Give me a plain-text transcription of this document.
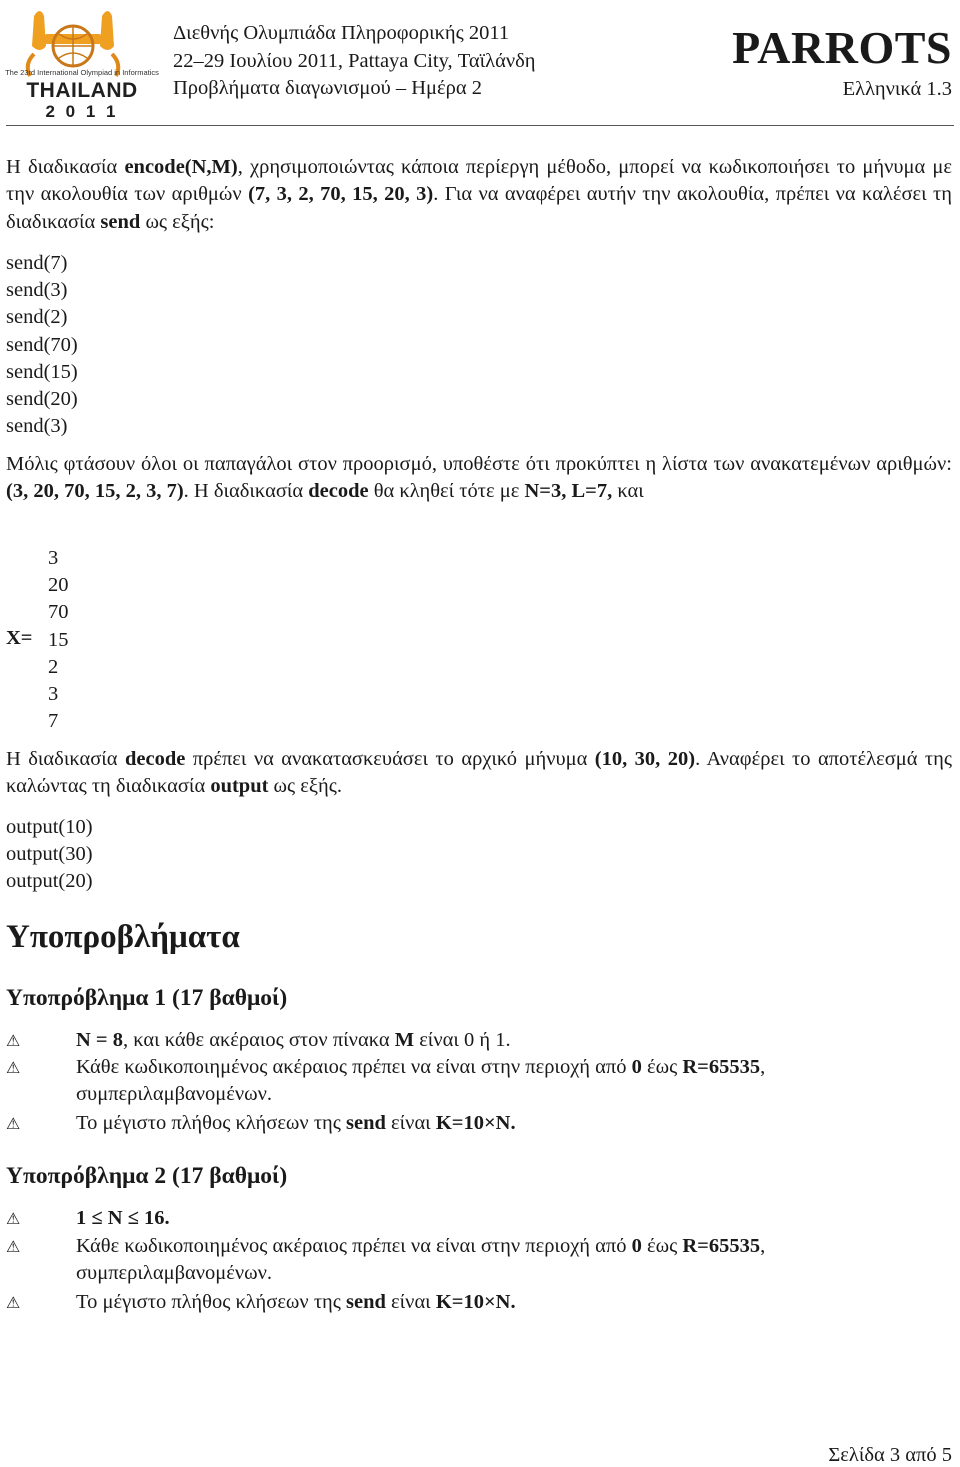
The 23rd International Olympiad in Informatics
THAILAND
2 0 1 1
Διεθνής Ολυμπιάδα Πληροφορικής 2011
22–29 Ιουλίου 2011, Pattaya City, Ταϊλάνδη
Προβλήματα διαγωνισμού – Ημέρα 2
PARROTS
Ελληνικά 1.3
Η διαδικασία encode(N,M), χρησιμοποιώντας κάποια περίεργη μέθοδο, μπορεί να κωδικοποιήσει το μήνυμα με την ακολουθία των αριθμών (7, 3, 2, 70, 15, 20, 3). Για να αναφέρει αυτήν την ακολουθία, πρέπει να καλέσει τη διαδικασία send ως εξής:
send(7)
send(3)
send(2)
send(70)
send(15)
send(20)
send(3)
Μόλις φτάσουν όλοι οι παπαγάλοι στον προορισμό, υποθέστε ότι προκύπτει η λίστα των ανακατεμένων αριθμών: (3, 20, 70, 15, 2, 3, 7). Η διαδικασία decode θα κληθεί τότε με N=3, L=7, και
X=
3
20
70
15
2
3
7
Η διαδικασία decode πρέπει να ανακατασκευάσει το αρχικό μήνυμα (10, 30, 20). Αναφέρει το αποτέλεσμά της καλώντας τη διαδικασία output ως εξής.
output(10)
output(30)
output(20)
Υποπροβλήματα
Υποπρόβλημα 1 (17 βαθμοί)
⚠	N = 8, και κάθε ακέραιος στον πίνακα M είναι 0 ή 1.
⚠	Κάθε κωδικοποιημένος ακέραιος πρέπει να είναι στην περιοχή από 0 έως R=65535, συμπεριλαμβανομένων.
⚠	Το μέγιστο πλήθος κλήσεων της send είναι K=10×N.
Υποπρόβλημα 2 (17 βαθμοί)
⚠	1 ≤ N ≤ 16.
⚠	Κάθε κωδικοποιημένος ακέραιος πρέπει να είναι στην περιοχή από 0 έως R=65535, συμπεριλαμβανομένων.
⚠	Το μέγιστο πλήθος κλήσεων της send είναι K=10×N.
Σελίδα 3 από 5
